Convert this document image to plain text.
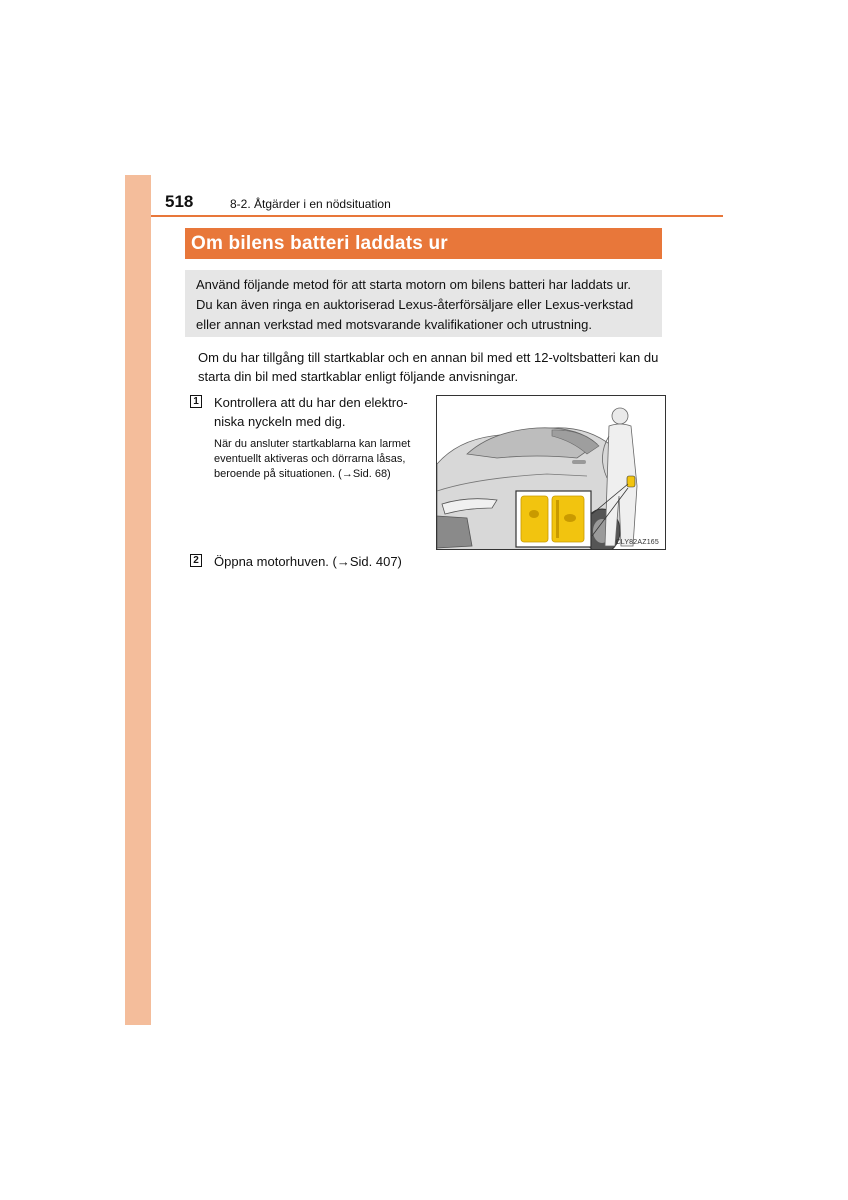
518	8-2. Åtgärder i en nödsituation
Om bilens batteri laddats ur
Använd följande metod för att starta motorn om bilens batteri har laddats ur.
Du kan även ringa en auktoriserad Lexus-återförsäljare eller Lexus-verkstad
eller annan verkstad med motsvarande kvalifikationer och utrustning.
Om du har tillgång till startkablar och en annan bil med ett 12-voltsbatteri kan du
starta din bil med startkablar enligt följande anvisningar.
1 Kontrollera att du har den elektro-
niska nyckeln med dig.
När du ansluter startkablarna kan larmet
eventuellt aktiveras och dörrarna låsas,
beroende på situationen. (→Sid. 68)
CLY82AZ165
2 Öppna motorhuven. (→Sid. 407)
